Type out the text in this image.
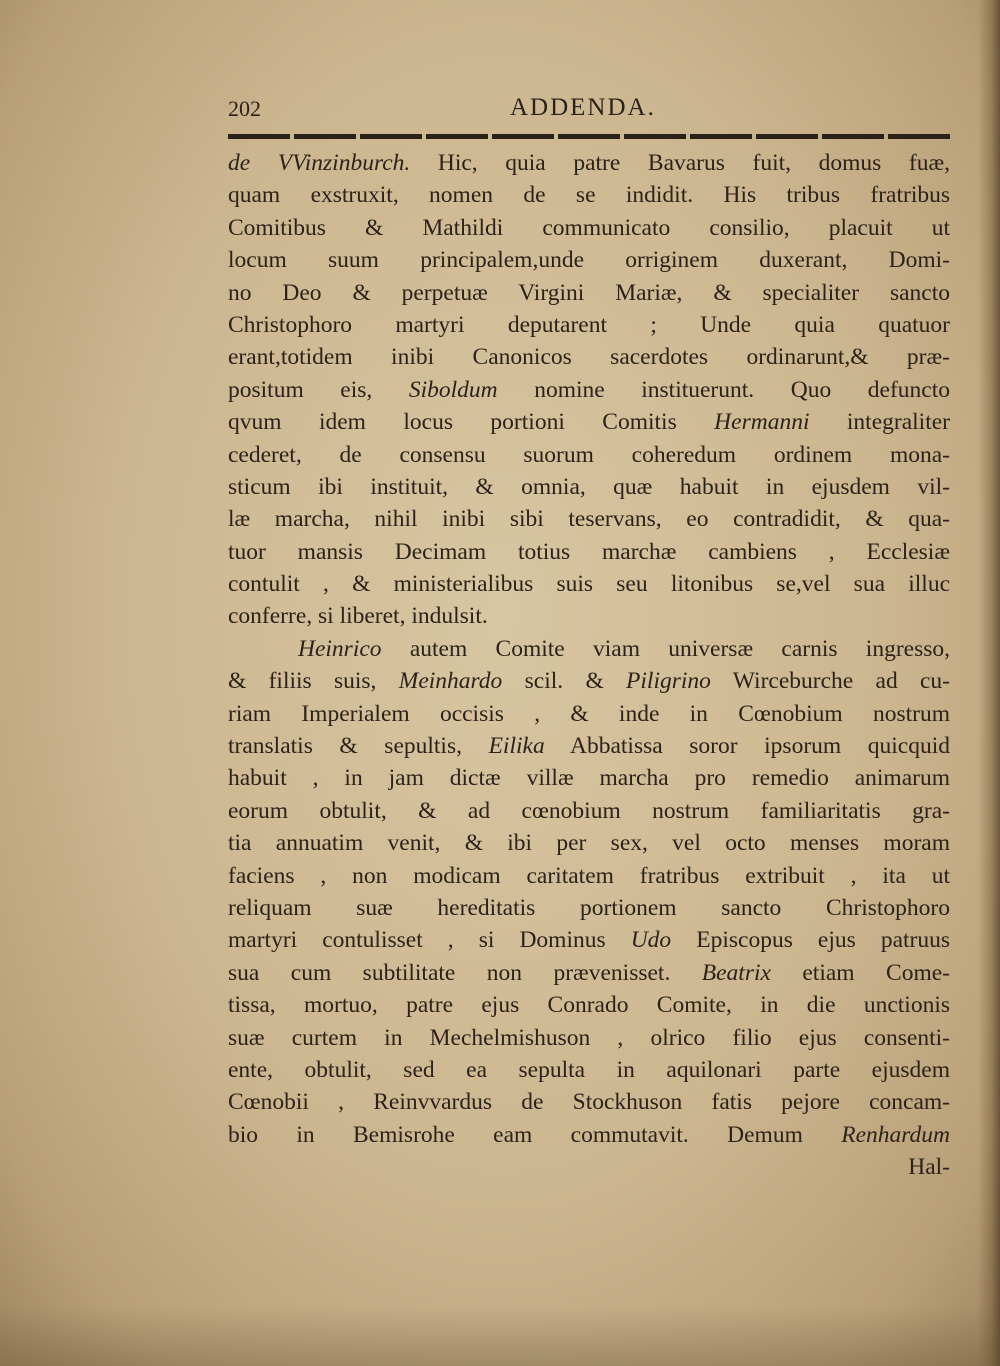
202	ADDENDA.
de VVinzinburch. Hic, quia patre Bavarus fuit, domus fuæ,
quam exstruxit, nomen de se indidit. His tribus fratribus
Comitibus & Mathildi communicato consilio, placuit ut
locum suum principalem,unde orriginem duxerant, Domi-
no Deo & perpetuæ Virgini Mariæ, & specialiter sancto
Christophoro martyri deputarent ; Unde quia quatuor
erant,totidem inibi Canonicos sacerdotes ordinarunt,& præ-
positum eis, Siboldum nomine instituerunt. Quo defuncto
qvum idem locus portioni Comitis Hermanni integraliter
cederet, de consensu suorum coheredum ordinem mona-
sticum ibi instituit, & omnia, quæ habuit in ejusdem vil-
læ marcha, nihil inibi sibi teservans, eo contradidit, & qua-
tuor mansis Decimam totius marchæ cambiens , Ecclesiæ
contulit , & ministerialibus suis seu litonibus se,vel sua illuc
conferre, si liberet, indulsit.
Heinrico autem Comite viam universæ carnis ingresso,
& filiis suis, Meinhardo scil. & Piligrino Wirceburche ad cu-
riam Imperialem occisis , & inde in Cœnobium nostrum
translatis & sepultis, Eilika Abbatissa soror ipsorum quicquid
habuit , in jam dictæ villæ marcha pro remedio animarum
eorum obtulit, & ad cœnobium nostrum familiaritatis gra-
tia annuatim venit, & ibi per sex, vel octo menses moram
faciens , non modicam caritatem fratribus extribuit , ita ut
reliquam suæ hereditatis portionem sancto Christophoro
martyri contulisset , si Dominus Udo Episcopus ejus patruus
sua cum subtilitate non prævenisset. Beatrix etiam Come-
tissa, mortuo, patre ejus Conrado Comite, in die unctionis
suæ curtem in Mechelmishuson , olrico filio ejus consenti-
ente, obtulit, sed ea sepulta in aquilonari parte ejusdem
Cœnobii , Reinvvardus de Stockhuson fatis pejore concam-
bio in Bemisrohe eam commutavit. Demum Renhardum
Hal-
